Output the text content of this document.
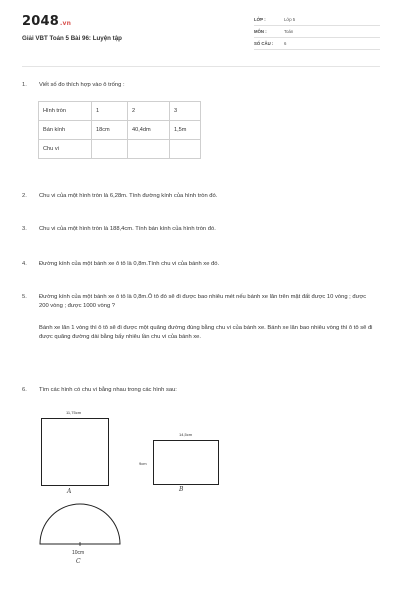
2048.vn
Giải VBT Toán 5 Bài 96: Luyện tập
LỚP :	Lớp 5
MÔN :	Toán
SỐ CÂU : 6
1. Viết số đo thích hợp vào ô trống :
Hình tròn	1	2	3
Bán kính	18cm	40,4dm	1,5m
Chu vi			
2. Chu vi của một hình tròn là 6,28m. Tính đường kính của hình tròn đó.
3. Chu vi của một hình tròn là 188,4cm. Tính bán kính của hình tròn đó.
4. Đường kính của một bánh xe ô tô là 0,8m.Tính chu vi của bánh xe đó.
5. Đường kính của một bánh xe ô tô là 0,8m.Ô tô đó sẽ đi được bao nhiêu mét nếu bánh xe lăn trên mặt đất được 10 vòng ; được 200 vòng ; được 1000 vòng ?
Bánh xe lăn 1 vòng thì ô tô sẽ đi được một quãng đường đúng bằng chu vi của bánh xe. Bánh xe lăn bao nhiêu vòng thì ô tô sẽ đi được quãng đường dài bằng bấy nhiêu lần chu vi của bánh xe.
6. Tìm các hình có chu vi bằng nhau trong các hình sau:
11,75cm
A
14,5cm
9cm
B
10cm
C
